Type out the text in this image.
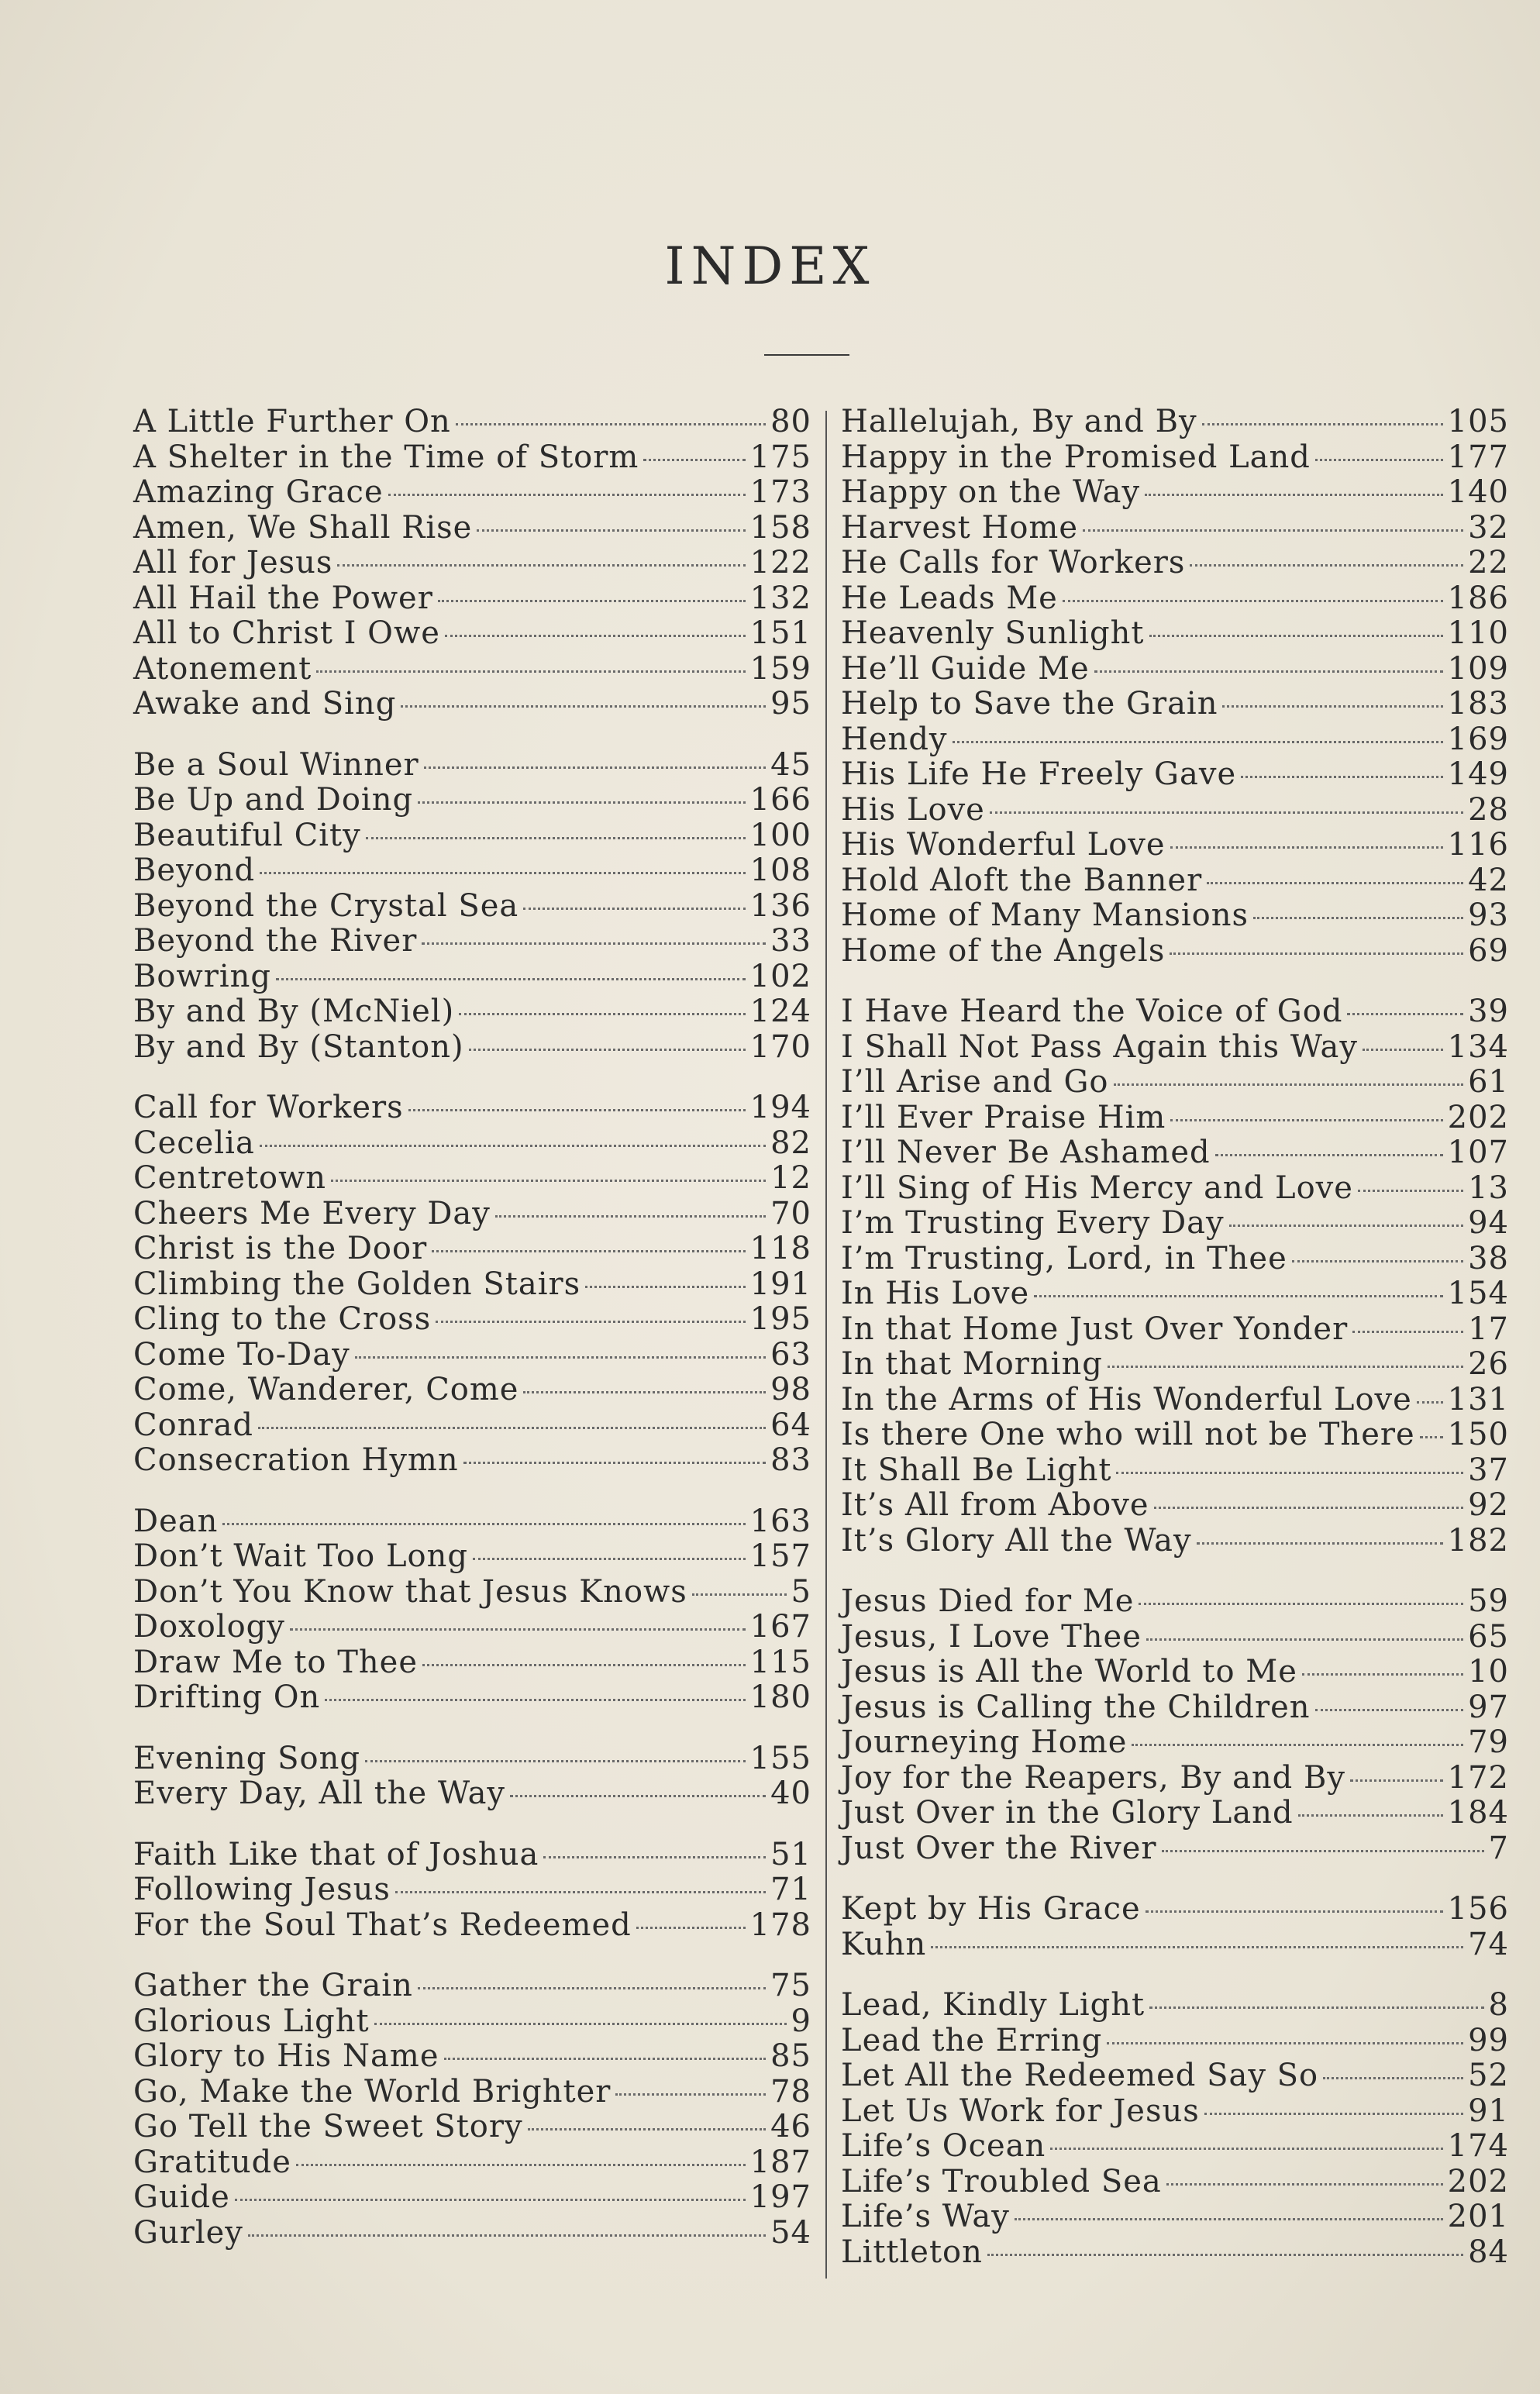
INDEX
A Little Further On	80
A Shelter in the Time of Storm	175
Amazing Grace	173
Amen, We Shall Rise	158
All for Jesus	122
All Hail the Power	132
All to Christ I Owe	151
Atonement	159
Awake and Sing	95
Be a Soul Winner	45
Be Up and Doing	166
Beautiful City	100
Beyond	108
Beyond the Crystal Sea	136
Beyond the River	33
Bowring	102
By and By (McNiel)	124
By and By (Stanton)	170
Call for Workers	194
Cecelia	82
Centretown	12
Cheers Me Every Day	70
Christ is the Door	118
Climbing the Golden Stairs	191
Cling to the Cross	195
Come To-Day	63
Come, Wanderer, Come	98
Conrad	64
Consecration Hymn	83
Dean	163
Don’t Wait Too Long	157
Don’t You Know that Jesus Knows	5
Doxology	167
Draw Me to Thee	115
Drifting On	180
Evening Song	155
Every Day, All the Way	40
Faith Like that of Joshua	51
Following Jesus	71
For the Soul That’s Redeemed	178
Gather the Grain	75
Glorious Light	9
Glory to His Name	85
Go, Make the World Brighter	78
Go Tell the Sweet Story	46
Gratitude	187
Guide	197
Gurley	54
Hallelujah, By and By	105
Happy in the Promised Land	177
Happy on the Way	140
Harvest Home	32
He Calls for Workers	22
He Leads Me	186
Heavenly Sunlight	110
He’ll Guide Me	109
Help to Save the Grain	183
Hendy	169
His Life He Freely Gave	149
His Love	28
His Wonderful Love	116
Hold Aloft the Banner	42
Home of Many Mansions	93
Home of the Angels	69
I Have Heard the Voice of God	39
I Shall Not Pass Again this Way	134
I’ll Arise and Go	61
I’ll Ever Praise Him	202
I’ll Never Be Ashamed	107
I’ll Sing of His Mercy and Love	13
I’m Trusting Every Day	94
I’m Trusting, Lord, in Thee	38
In His Love	154
In that Home Just Over Yonder	17
In that Morning	26
In the Arms of His Wonderful Love 131
Is there One who will not be There 150
It Shall Be Light	37
It’s All from Above	92
It’s Glory All the Way	182
Jesus Died for Me	59
Jesus, I Love Thee	65
Jesus is All the World to Me	10
Jesus is Calling the Children	97
Journeying Home	79
Joy for the Reapers, By and By	172
Just Over in the Glory Land	184
Just Over the River	7
Kept by His Grace	156
Kuhn	74
Lead, Kindly Light	8
Lead the Erring	99
Let All the Redeemed Say So	52
Let Us Work for Jesus	91
Life’s Ocean	174
Life’s Troubled Sea	202
Life’s Way	201
Littleton	84
